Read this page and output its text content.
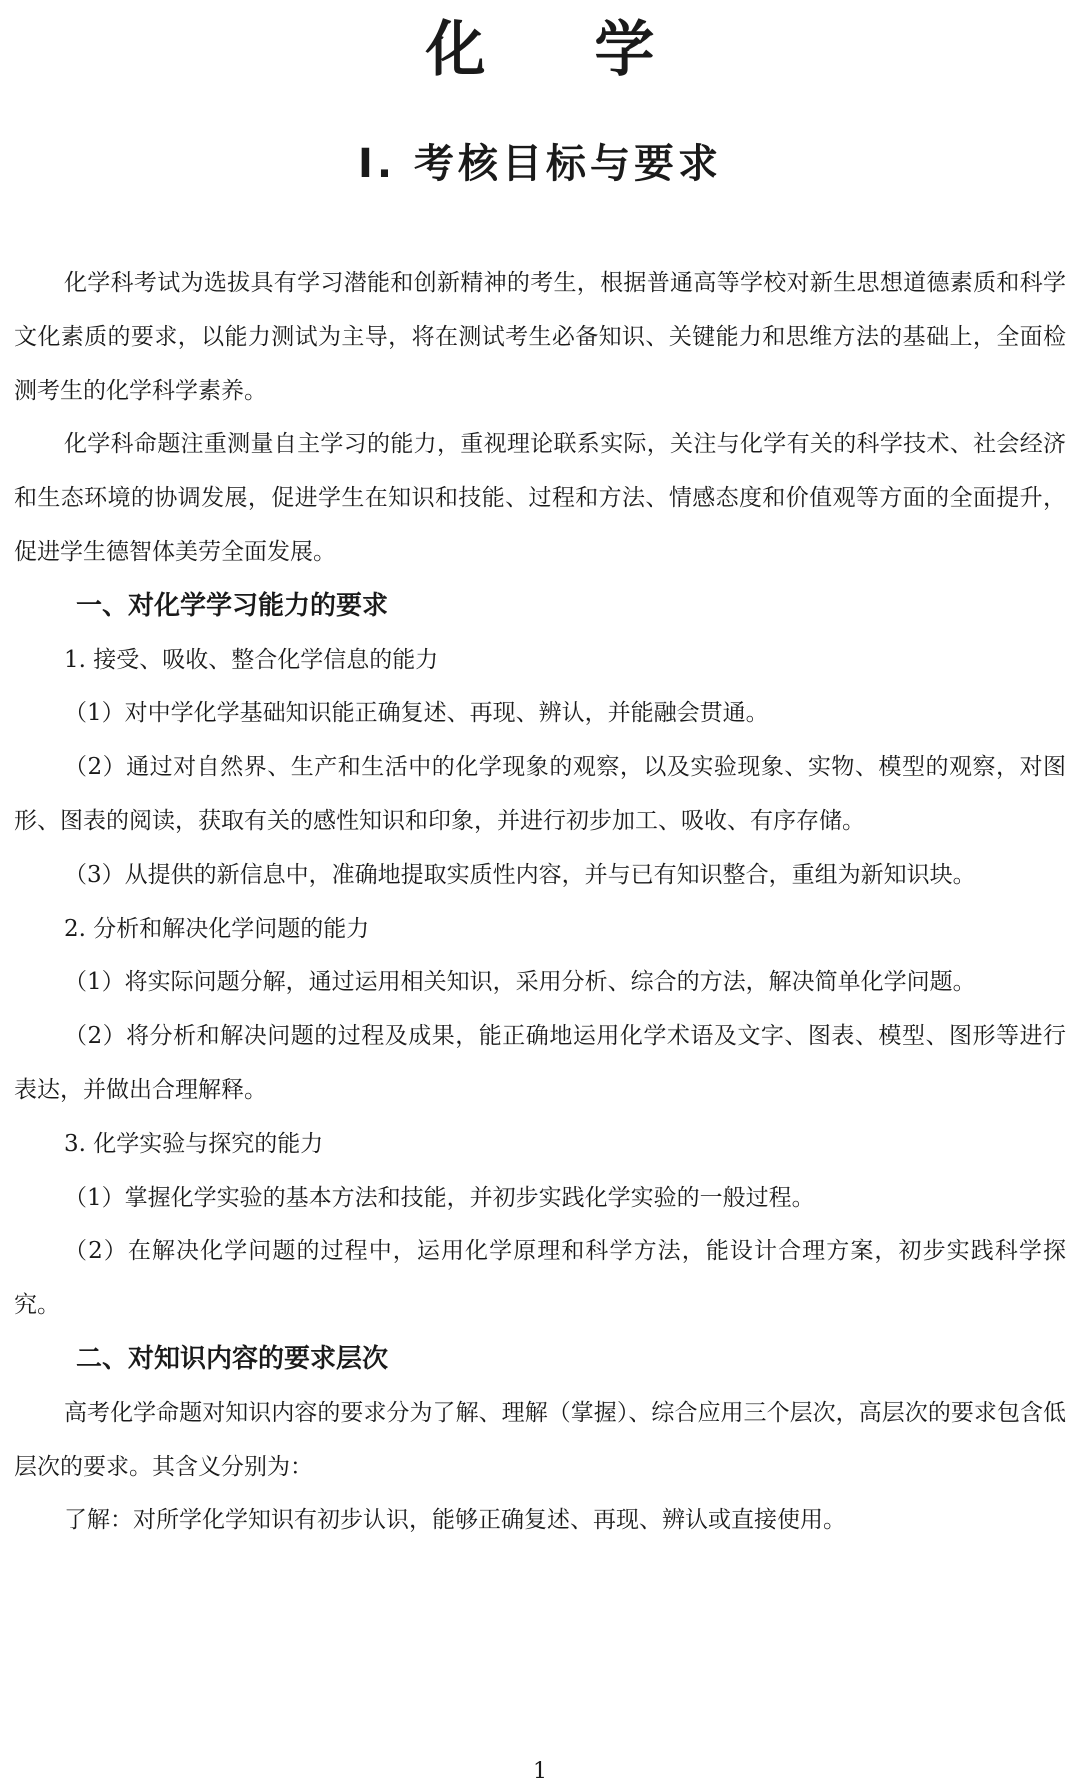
化 学
Ⅰ. 考核目标与要求

化学科考试为选拔具有学习潜能和创新精神的考生，根据普通高等学校对新生思想道德素质和科学文化素质的要求，以能力测试为主导，将在测试考生必备知识、关键能力和思维方法的基础上，全面检测考生的化学科学素养。

化学科命题注重测量自主学习的能力，重视理论联系实际，关注与化学有关的科学技术、社会经济和生态环境的协调发展，促进学生在知识和技能、过程和方法、情感态度和价值观等方面的全面提升，促进学生德智体美劳全面发展。

一、对化学学习能力的要求

1. 接受、吸收、整合化学信息的能力

（1）对中学化学基础知识能正确复述、再现、辨认，并能融会贯通。

（2）通过对自然界、生产和生活中的化学现象的观察，以及实验现象、实物、模型的观察，对图形、图表的阅读，获取有关的感性知识和印象，并进行初步加工、吸收、有序存储。

（3）从提供的新信息中，准确地提取实质性内容，并与已有知识整合，重组为新知识块。

2. 分析和解决化学问题的能力

（1）将实际问题分解，通过运用相关知识，采用分析、综合的方法，解决简单化学问题。

（2）将分析和解决问题的过程及成果，能正确地运用化学术语及文字、图表、模型、图形等进行表达，并做出合理解释。

3. 化学实验与探究的能力

（1）掌握化学实验的基本方法和技能，并初步实践化学实验的一般过程。

（2）在解决化学问题的过程中，运用化学原理和科学方法，能设计合理方案，初步实践科学探究。

二、对知识内容的要求层次

高考化学命题对知识内容的要求分为了解、理解（掌握）、综合应用三个层次，高层次的要求包含低层次的要求。其含义分别为：

了解：对所学化学知识有初步认识，能够正确复述、再现、辨认或直接使用。

1
